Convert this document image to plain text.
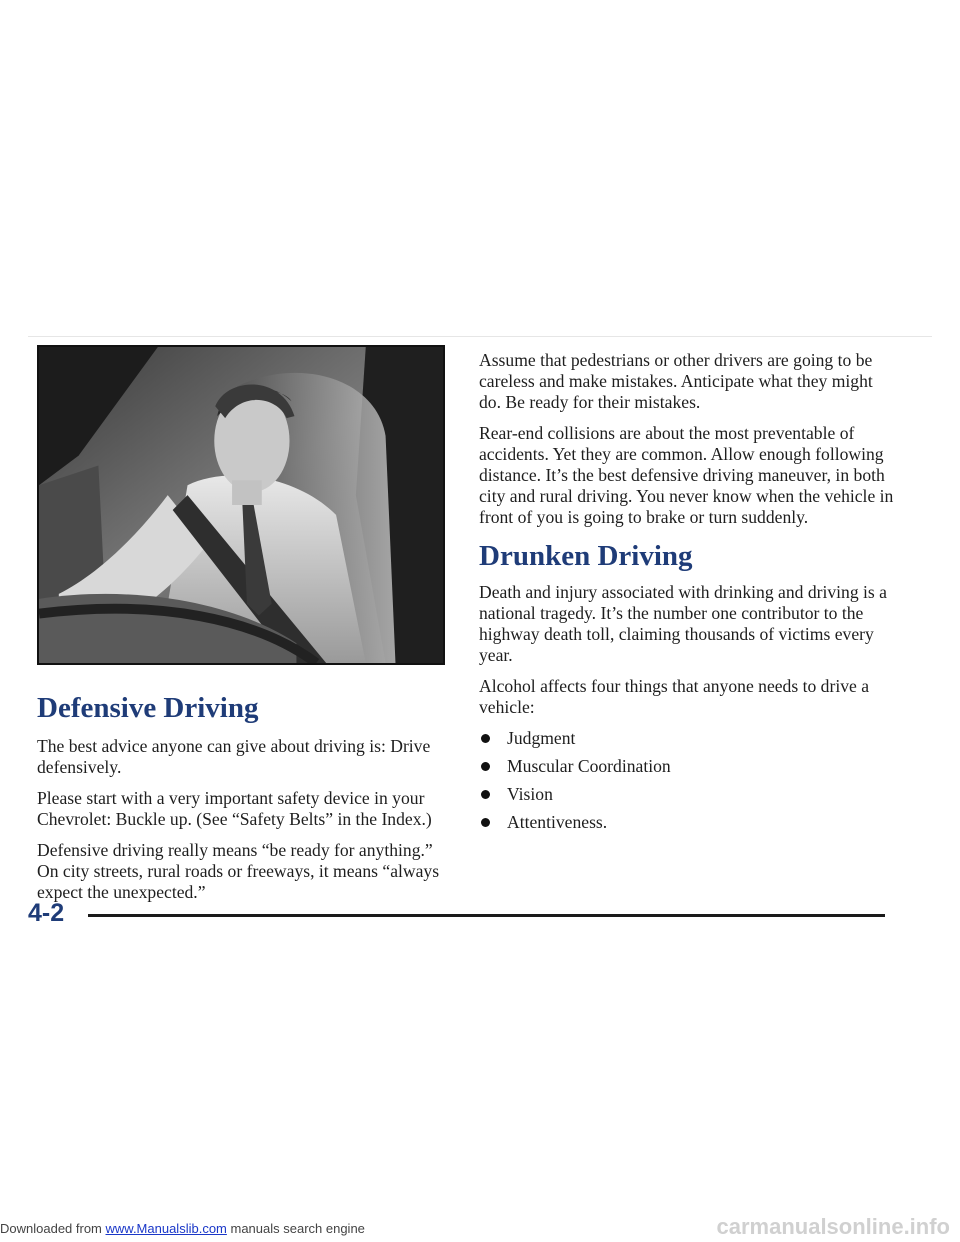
Defensive Driving

The best advice anyone can give about driving is: Drive defensively.

Please start with a very important safety device in your Chevrolet: Buckle up. (See “Safety Belts” in the Index.)

Defensive driving really means “be ready for anything.” On city streets, rural roads or freeways, it means “always expect the unexpected.”

Assume that pedestrians or other drivers are going to be careless and make mistakes. Anticipate what they might do. Be ready for their mistakes.

Rear-end collisions are about the most preventable of accidents. Yet they are common. Allow enough following distance. It’s the best defensive driving maneuver, in both city and rural driving. You never know when the vehicle in front of you is going to brake or turn suddenly.

Drunken Driving

Death and injury associated with drinking and driving is a national tragedy. It’s the number one contributor to the highway death toll, claiming thousands of victims every year.

Alcohol affects four things that anyone needs to drive a vehicle:

Judgment
Muscular Coordination
Vision
Attentiveness.
4-2
Downloaded from www.Manualslib.com manuals search engine	carmanualsonline.info
